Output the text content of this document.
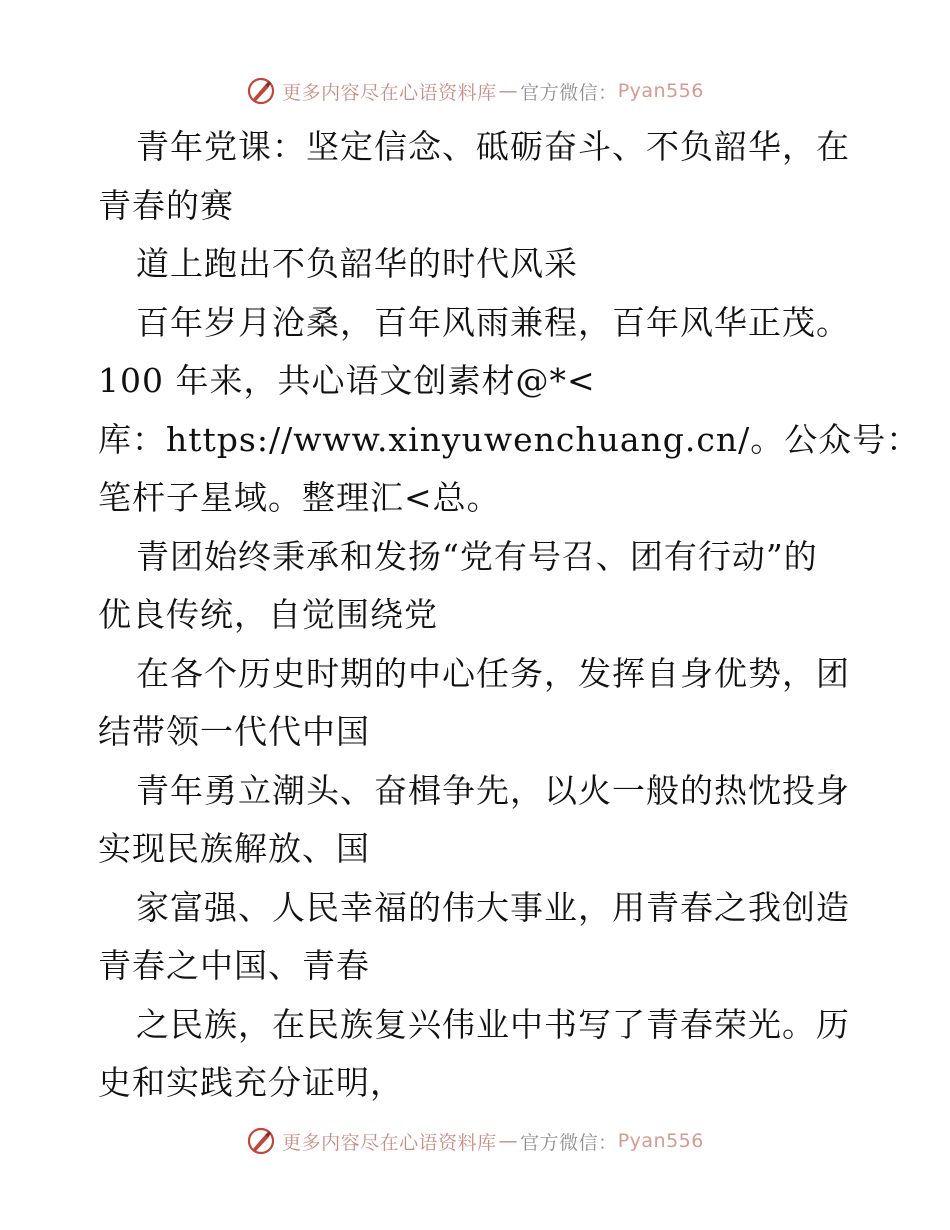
更多内容尽在心语资料库 — 官方微信： Pyan556
青年党课：坚定信念、砥砺奋斗、不负韶华，在
青春的赛
道上跑出不负韶华的时代风采
百年岁月沧桑，百年风雨兼程，百年风华正茂。
100 年来，共心语文创素材@*<
库：https://www.xinyuwenchuang.cn/。公众号：
笔杆子星域。整理汇<总。
青团始终秉承和发扬“党有号召、团有行动”的
优良传统，自觉围绕党
在各个历史时期的中心任务，发挥自身优势，团
结带领一代代中国
青年勇立潮头、奋楫争先，以火一般的热忱投身
实现民族解放、国
家富强、人民幸福的伟大事业，用青春之我创造
青春之中国、青春
之民族，在民族复兴伟业中书写了青春荣光。历
史和实践充分证明，
更多内容尽在心语资料库 — 官方微信： Pyan556
